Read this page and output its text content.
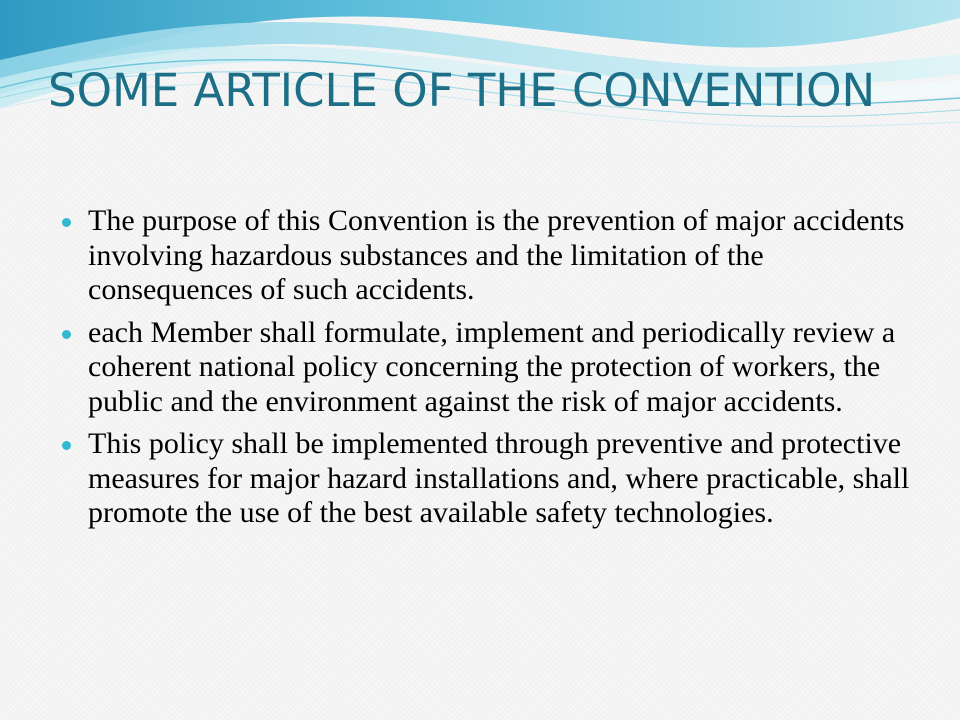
SOME ARTICLE OF THE CONVENTION
The purpose of this Convention is the prevention of major accidents involving hazardous substances and the limitation of the consequences of such accidents.
each Member shall formulate, implement and periodically review a coherent national policy concerning the protection of workers, the public and the environment against the risk of major accidents.
This policy shall be implemented through preventive and protective measures for major hazard installations and, where practicable, shall promote the use of the best available safety technologies.
